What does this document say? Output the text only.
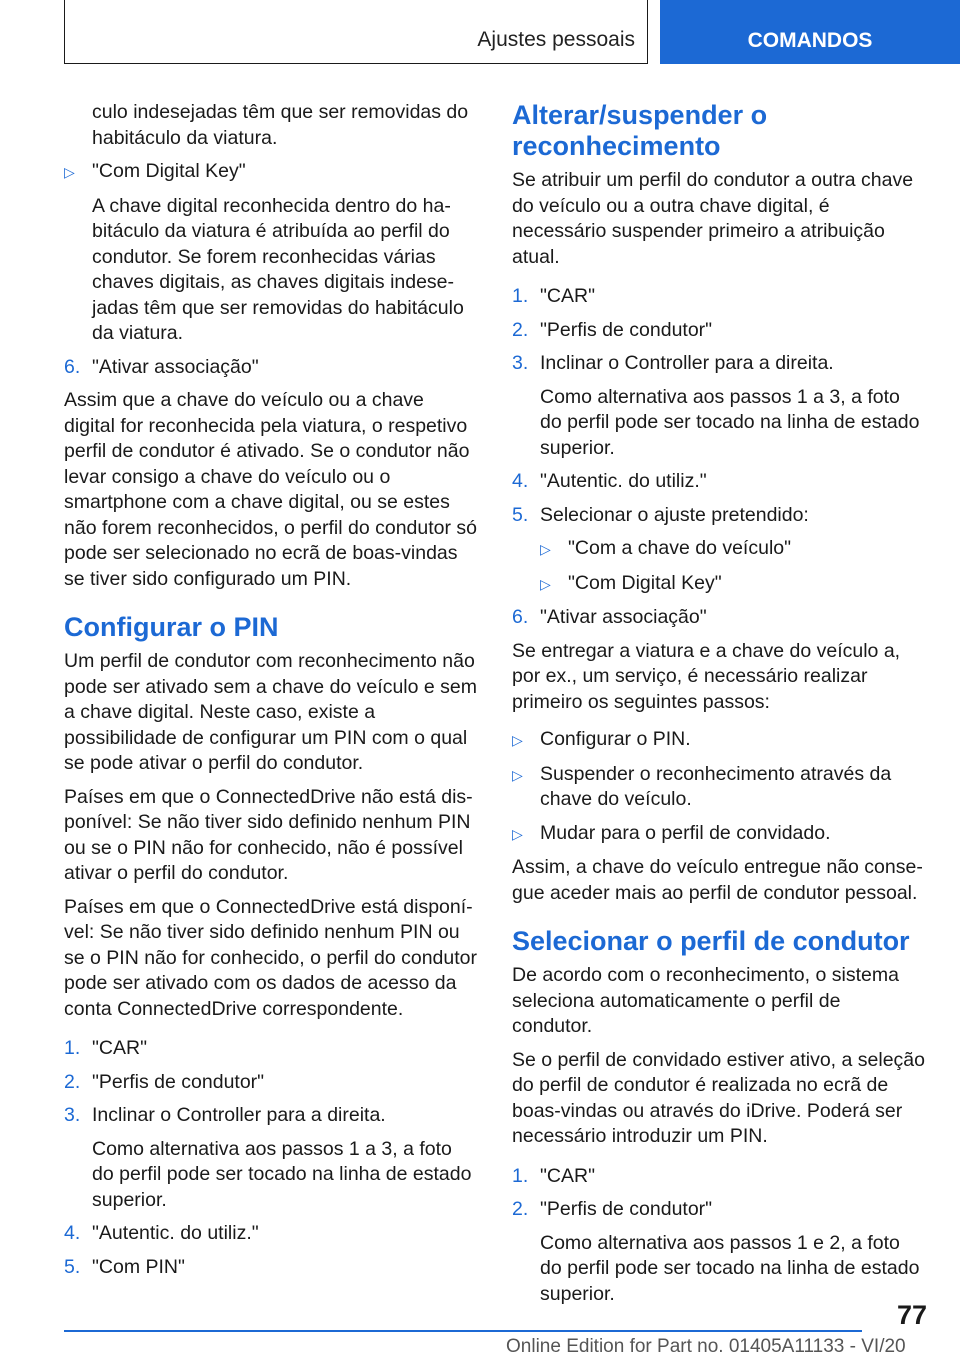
Ajustes pessoais	COMANDOS

culo indesejadas têm que ser removidas do habitáculo da viatura.

▷ "Com Digital Key"

A chave digital reconhecida dentro do habitáculo da viatura é atribuída ao perfil do condutor. Se forem reconhecidas várias chaves digitais, as chaves digitais indesejadas têm que ser removidas do habitáculo da viatura.

6. "Ativar associação"

Assim que a chave do veículo ou a chave digital for reconhecida pela viatura, o respetivo perfil de condutor é ativado. Se o condutor não levar consigo a chave do veículo ou o smartphone com a chave digital, ou se estes não forem reconhecidos, o perfil do condutor só pode ser selecionado no ecrã de boas-vindas se tiver sido configurado um PIN.

Configurar o PIN

Um perfil de condutor com reconhecimento não pode ser ativado sem a chave do veículo e sem a chave digital. Neste caso, existe a possibilidade de configurar um PIN com o qual se pode ativar o perfil do condutor.

Países em que o ConnectedDrive não está disponível: Se não tiver sido definido nenhum PIN ou se o PIN não for conhecido, não é possível ativar o perfil do condutor.

Países em que o ConnectedDrive está disponível: Se não tiver sido definido nenhum PIN ou se o PIN não for conhecido, o perfil do condutor pode ser ativado com os dados de acesso da conta ConnectedDrive correspondente.

1. "CAR"
2. "Perfis de condutor"
3. Inclinar o Controller para a direita.

Como alternativa aos passos 1 a 3, a foto do perfil pode ser tocado na linha de estado superior.

4. "Autentic. do utiliz."
5. "Com PIN"
Alterar/suspender o reconhecimento

Se atribuir um perfil do condutor a outra chave do veículo ou a outra chave digital, é necessário suspender primeiro a atribuição atual.

1. "CAR"
2. "Perfis de condutor"
3. Inclinar o Controller para a direita.

Como alternativa aos passos 1 a 3, a foto do perfil pode ser tocado na linha de estado superior.

4. "Autentic. do utiliz."
5. Selecionar o ajuste pretendido:
▷ "Com a chave do veículo"
▷ "Com Digital Key"
6. "Ativar associação"

Se entregar a viatura e a chave do veículo a, por ex., um serviço, é necessário realizar primeiro os seguintes passos:

▷ Configurar o PIN.
▷ Suspender o reconhecimento através da chave do veículo.
▷ Mudar para o perfil de convidado.

Assim, a chave do veículo entregue não consegue aceder mais ao perfil de condutor pessoal.

Selecionar o perfil de condutor

De acordo com o reconhecimento, o sistema seleciona automaticamente o perfil de condutor.

Se o perfil de convidado estiver ativo, a seleção do perfil de condutor é realizada no ecrã de boas-vindas ou através do iDrive. Poderá ser necessário introduzir um PIN.

1. "CAR"
2. "Perfis de condutor"

Como alternativa aos passos 1 e 2, a foto do perfil pode ser tocado na linha de estado superior.

77
Online Edition for Part no. 01405A11133 - VI/20
